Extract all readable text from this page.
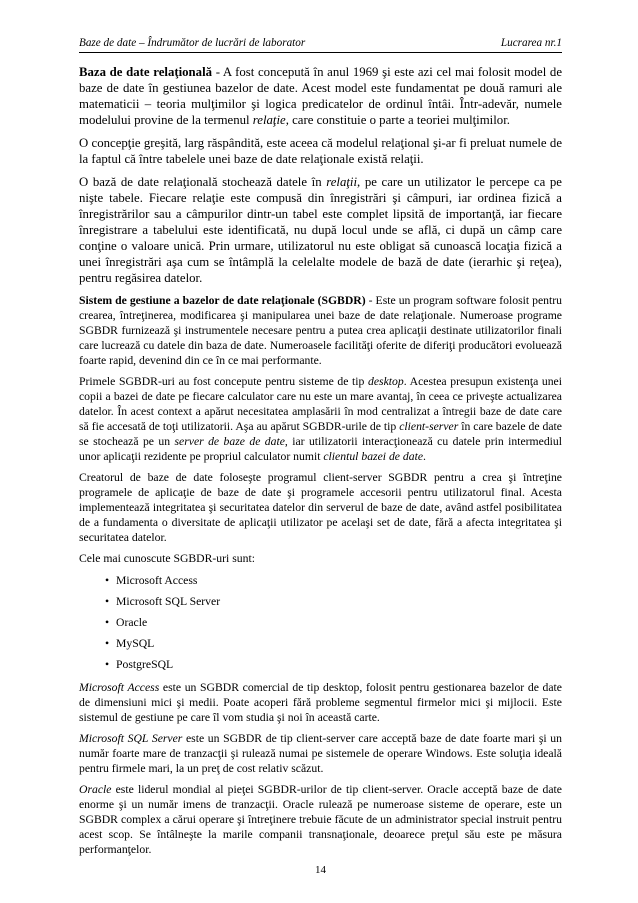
Baze de date – Îndrumător de lucrări de laborator	Lucrarea nr.1

Baza de date relaţională - A fost concepută în anul 1969 şi este azi cel mai folosit model de baze de date în gestiunea bazelor de date. Acest model este fundamentat pe două ramuri ale matematicii – teoria mulţimilor şi logica predicatelor de ordinul întâi. Într-adevăr, numele modelului provine de la termenul relaţie, care constituie o parte a teoriei mulţimilor.

O concepţie greşită, larg răspândită, este aceea că modelul relaţional şi-ar fi preluat numele de la faptul că între tabelele unei baze de date relaţionale există relaţii.

O bază de date relaţională stochează datele în relaţii, pe care un utilizator le percepe ca pe nişte tabele. Fiecare relaţie este compusă din înregistrări şi câmpuri, iar ordinea fizică a înregistrărilor sau a câmpurilor dintr-un tabel este complet lipsită de importanţă, iar fiecare înregistrare a tabelului este identificată, nu după locul unde se află, ci după un câmp care conţine o valoare unică. Prin urmare, utilizatorul nu este obligat să cunoască locaţia fizică a unei înregistrări aşa cum se întâmplă la celelalte modele de bază de date (ierarhic şi reţea), pentru regăsirea datelor.

Sistem de gestiune a bazelor de date relaţionale (SGBDR) - Este un program software folosit pentru crearea, întreţinerea, modificarea şi manipularea unei baze de date relaţionale. Numeroase programe SGBDR furnizează şi instrumentele necesare pentru a putea crea aplicaţii destinate utilizatorilor finali care lucrează cu datele din baza de date. Numeroasele facilităţi oferite de diferiţi producători evoluează foarte rapid, devenind din ce în ce mai performante.

Primele SGBDR-uri au fost concepute pentru sisteme de tip desktop. Acestea presupun existenţa unei copii a bazei de date pe fiecare calculator care nu este un mare avantaj, în ceea ce priveşte actualizarea datelor. În acest context a apărut necesitatea amplasării în mod centralizat a întregii baze de date care să fie accesată de toţi utilizatorii. Aşa au apărut SGBDR-urile de tip client-server în care bazele de date se stochează pe un server de baze de date, iar utilizatorii interacţionează cu datele prin intermediul unor aplicaţii rezidente pe propriul calculator numit clientul bazei de date.

Creatorul de baze de date foloseşte programul client-server SGBDR pentru a crea şi întreţine programele de aplicaţie de baze de date şi programele accesorii pentru utilizatorul final. Acesta implementează integritatea şi securitatea datelor din serverul de baze de date, având astfel posibilitatea de a fundamenta o diversitate de aplicaţii utilizator pe acelaşi set de date, fără a afecta integritatea şi securitatea datelor.

Cele mai cunoscute SGBDR-uri sunt:

• Microsoft Access
• Microsoft SQL Server
• Oracle
• MySQL
• PostgreSQL

Microsoft Access este un SGBDR comercial de tip desktop, folosit pentru gestionarea bazelor de date de dimensiuni mici şi medii. Poate acoperi fără probleme segmentul firmelor mici şi mijlocii. Este sistemul de gestiune pe care îl vom studia şi noi în această carte.

Microsoft SQL Server este un SGBDR de tip client-server care acceptă baze de date foarte mari şi un număr foarte mare de tranzacţii şi rulează numai pe sistemele de operare Windows. Este soluţia ideală pentru firmele mari, la un preţ de cost relativ scăzut.

Oracle este liderul mondial al pieţei SGBDR-urilor de tip client-server. Oracle acceptă baze de date enorme şi un număr imens de tranzacţii. Oracle rulează pe numeroase sisteme de operare, este un SGBDR complex a cărui operare şi întreţinere trebuie făcute de un administrator special instruit pentru acest scop. Se întâlneşte la marile companii transnaţionale, deoarece preţul său este pe măsura performanţelor.

14
